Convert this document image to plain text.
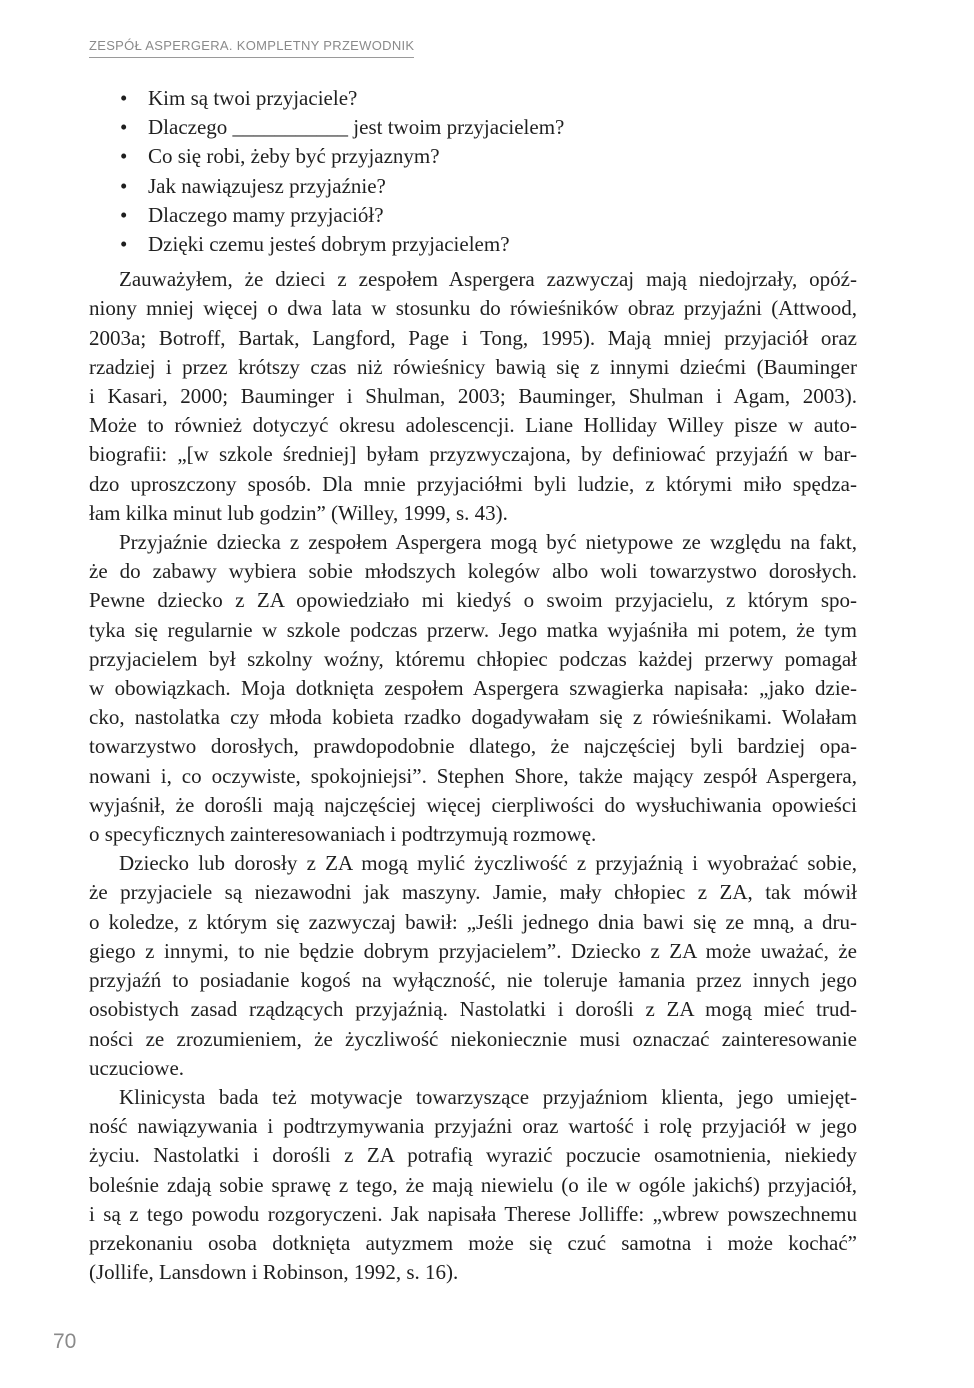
ZESPÓŁ ASPERGERA. KOMPLETNY PRZEWODNIK
• Kim są twoi przyjaciele?
• Dlaczego ___________ jest twoim przyjacielem?
• Co się robi, żeby być przyjaznym?
• Jak nawiązujesz przyjaźnie?
• Dlaczego mamy przyjaciół?
• Dzięki czemu jesteś dobrym przyjacielem?

Zauważyłem, że dzieci z zespołem Aspergera zazwyczaj mają niedojrzały, opóź-
niony mniej więcej o dwa lata w stosunku do rówieśników obraz przyjaźni (Attwood,
2003a; Botroff, Bartak, Langford, Page i Tong, 1995). Mają mniej przyjaciół oraz
rzadziej i przez krótszy czas niż rówieśnicy bawią się z innymi dziećmi (Bauminger
i Kasari, 2000; Bauminger i Shulman, 2003; Bauminger, Shulman i Agam, 2003).
Może to również dotyczyć okresu adolescencji. Liane Holliday Willey pisze w auto-
biografii: „[w szkole średniej] byłam przyzwyczajona, by definiować przyjaźń w bar-
dzo uproszczony sposób. Dla mnie przyjaciółmi byli ludzie, z którymi miło spędza-
łam kilka minut lub godzin” (Willey, 1999, s. 43).

Przyjaźnie dziecka z zespołem Aspergera mogą być nietypowe ze względu na fakt,
że do zabawy wybiera sobie młodszych kolegów albo woli towarzystwo dorosłych.
Pewne dziecko z ZA opowiedziało mi kiedyś o swoim przyjacielu, z którym spo-
tyka się regularnie w szkole podczas przerw. Jego matka wyjaśniła mi potem, że tym
przyjacielem był szkolny woźny, któremu chłopiec podczas każdej przerwy pomagał
w obowiązkach. Moja dotknięta zespołem Aspergera szwagierka napisała: „jako dzie-
cko, nastolatka czy młoda kobieta rzadko dogadywałam się z rówieśnikami. Wolałam
towarzystwo dorosłych, prawdopodobnie dlatego, że najczęściej byli bardziej opa-
nowani i, co oczywiste, spokojniejsi”. Stephen Shore, także mający zespół Aspergera,
wyjaśnił, że dorośli mają najczęściej więcej cierpliwości do wysłuchiwania opowieści
o specyficznych zainteresowaniach i podtrzymują rozmowę.

Dziecko lub dorosły z ZA mogą mylić życzliwość z przyjaźnią i wyobrażać sobie,
że przyjaciele są niezawodni jak maszyny. Jamie, mały chłopiec z ZA, tak mówił
o koledze, z którym się zazwyczaj bawił: „Jeśli jednego dnia bawi się ze mną, a dru-
giego z innymi, to nie będzie dobrym przyjacielem”. Dziecko z ZA może uważać, że
przyjaźń to posiadanie kogoś na wyłączność, nie toleruje łamania przez innych jego
osobistych zasad rządzących przyjaźnią. Nastolatki i dorośli z ZA mogą mieć trud-
ności ze zrozumieniem, że życzliwość niekoniecznie musi oznaczać zainteresowanie
uczuciowe.

Klinicysta bada też motywacje towarzyszące przyjaźniom klienta, jego umiejęt-
ność nawiązywania i podtrzymywania przyjaźni oraz wartość i rolę przyjaciół w jego
życiu. Nastolatki i dorośli z ZA potrafią wyrazić poczucie osamotnienia, niekiedy
boleśnie zdają sobie sprawę z tego, że mają niewielu (o ile w ogóle jakichś) przyjaciół,
i są z tego powodu rozgoryczeni. Jak napisała Therese Jolliffe: „wbrew powszechnemu
przekonaniu osoba dotknięta autyzmem może się czuć samotna i może kochać”
(Jollife, Lansdown i Robinson, 1992, s. 16).

70
